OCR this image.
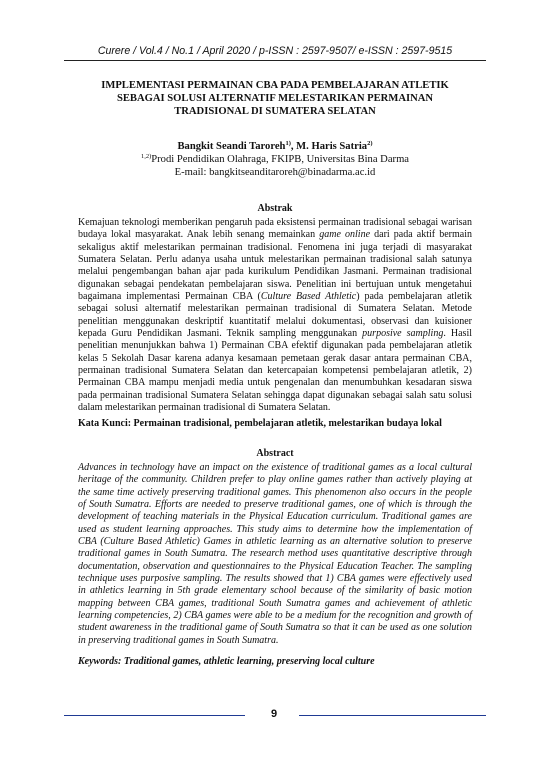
Curere / Vol.4 / No.1 / April 2020 / p-ISSN : 2597-9507/ e-ISSN : 2597-9515
IMPLEMENTASI PERMAINAN CBA PADA PEMBELAJARAN ATLETIK
SEBAGAI SOLUSI ALTERNATIF MELESTARIKAN PERMAINAN
TRADISIONAL DI SUMATERA SELATAN
Bangkit Seandi Taroreh$^{1)}$, M. Haris Satria$^{2)}$
$^{1,2)}$Prodi Pendidikan Olahraga, FKIPB, Universitas Bina Darma
E-mail: bangkitseanditaroreh@binadarma.ac.id
Abstrak

Kemajuan teknologi memberikan pengaruh pada eksistensi permainan tradisional sebagai warisan budaya lokal masyarakat. Anak lebih senang memainkan game online dari pada aktif bermain sekaligus aktif melestarikan permainan tradisional. Fenomena ini juga terjadi di masyarakat Sumatera Selatan. Perlu adanya usaha untuk melestarikan permainan tradisional salah satunya melalui pengembangan bahan ajar pada kurikulum Pendidikan Jasmani. Permainan tradisional digunakan sebagai pendekatan pembelajaran siswa. Penelitian ini bertujuan untuk mengetahui bagaimana implementasi Permainan CBA (Culture Based Athletic) pada pembelajaran atletik sebagai solusi alternatif melestarikan permainan tradisional di Sumatera Selatan. Metode penelitian menggunakan deskriptif kuantitatif melalui dokumentasi, observasi dan kuisioner kepada Guru Pendidikan Jasmani. Teknik sampling menggunakan purposive sampling. Hasil penelitian menunjukkan bahwa 1) Permainan CBA efektif digunakan pada pembelajaran atletik kelas 5 Sekolah Dasar karena adanya kesamaan pemetaan gerak dasar antara permainan CBA, permainan tradisional Sumatera Selatan dan ketercapaian kompetensi pembelajaran atletik, 2) Permainan CBA mampu menjadi media untuk pengenalan dan menumbuhkan kesadaran siswa pada permainan tradisional Sumatera Selatan sehingga dapat digunakan sebagai salah satu solusi dalam melestarikan permainan tradisional di Sumatera Selatan.

Kata Kunci: Permainan tradisional, pembelajaran atletik, melestarikan budaya lokal
Abstract

Advances in technology have an impact on the existence of traditional games as a local cultural heritage of the community. Children prefer to play online games rather than actively playing at the same time actively preserving traditional games. This phenomenon also occurs in the people of South Sumatra. Efforts are needed to preserve traditional games, one of which is through the development of teaching materials in the Physical Education curriculum. Traditional games are used as student learning approaches. This study aims to determine how the implementation of CBA (Culture Based Athletic) Games in athletic learning as an alternative solution to preserve traditional games in South Sumatra. The research method uses quantitative descriptive through documentation, observation and questionnaires to the Physical Education Teacher. The sampling technique uses purposive sampling. The results showed that 1) CBA games were effectively used in athletics learning in 5th grade elementary school because of the similarity of basic motion mapping between CBA games, traditional South Sumatra games and achievement of athletic learning competencies, 2) CBA games were able to be a medium for the recognition and growth of student awareness in the traditional game of South Sumatra so that it can be used as one solution in preserving traditional games in South Sumatra.

Keywords: Traditional games, athletic learning, preserving local culture
9
